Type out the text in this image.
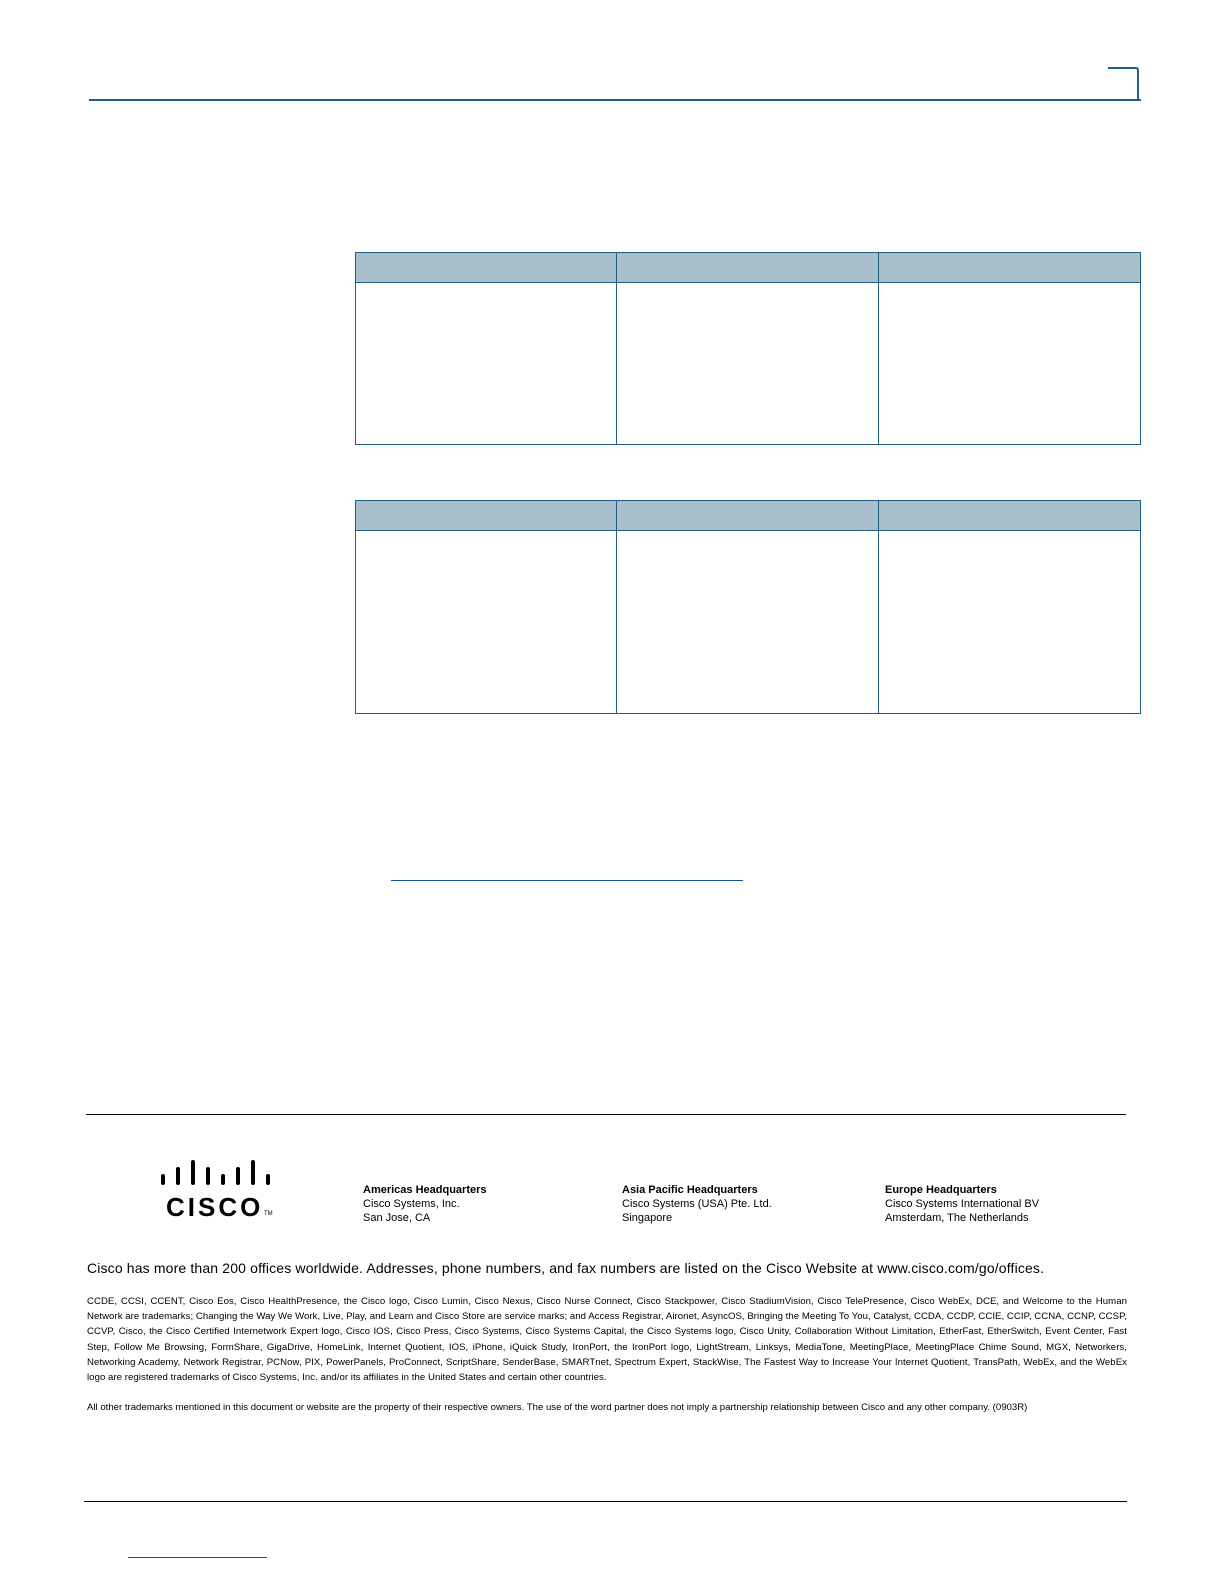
CISCO TM
Americas Headquarters
Cisco Systems, Inc.
San Jose, CA
Asia Pacific Headquarters
Cisco Systems (USA) Pte. Ltd.
Singapore
Europe Headquarters
Cisco Systems International BV
Amsterdam, The Netherlands
Cisco has more than 200 offices worldwide. Addresses, phone numbers, and fax numbers are listed on the Cisco Website at www.cisco.com/go/offices.
CCDE, CCSI, CCENT, Cisco Eos, Cisco HealthPresence, the Cisco logo, Cisco Lumin, Cisco Nexus, Cisco Nurse Connect, Cisco Stackpower, Cisco StadiumVision, Cisco TelePresence, Cisco WebEx, DCE, and Welcome to the Human Network are trademarks; Changing the Way We Work, Live, Play, and Learn and Cisco Store are service marks; and Access Registrar, Aironet, AsyncOS, Bringing the Meeting To You, Catalyst, CCDA, CCDP, CCIE, CCIP, CCNA, CCNP, CCSP, CCVP, Cisco, the Cisco Certified Internetwork Expert logo, Cisco IOS, Cisco Press, Cisco Systems, Cisco Systems Capital, the Cisco Systems logo, Cisco Unity, Collaboration Without Limitation, EtherFast, EtherSwitch, Event Center, Fast Step, Follow Me Browsing, FormShare, GigaDrive, HomeLink, Internet Quotient, IOS, iPhone, iQuick Study, IronPort, the IronPort logo, LightStream, Linksys, MediaTone, MeetingPlace, MeetingPlace Chime Sound, MGX, Networkers, Networking Academy, Network Registrar, PCNow, PIX, PowerPanels, ProConnect, ScriptShare, SenderBase, SMARTnet, Spectrum Expert, StackWise, The Fastest Way to Increase Your Internet Quotient, TransPath, WebEx, and the WebEx logo are registered trademarks of Cisco Systems, Inc. and/or its affiliates in the United States and certain other countries.
All other trademarks mentioned in this document or website are the property of their respective owners. The use of the word partner does not imply a partnership relationship between Cisco and any other company. (0903R)
